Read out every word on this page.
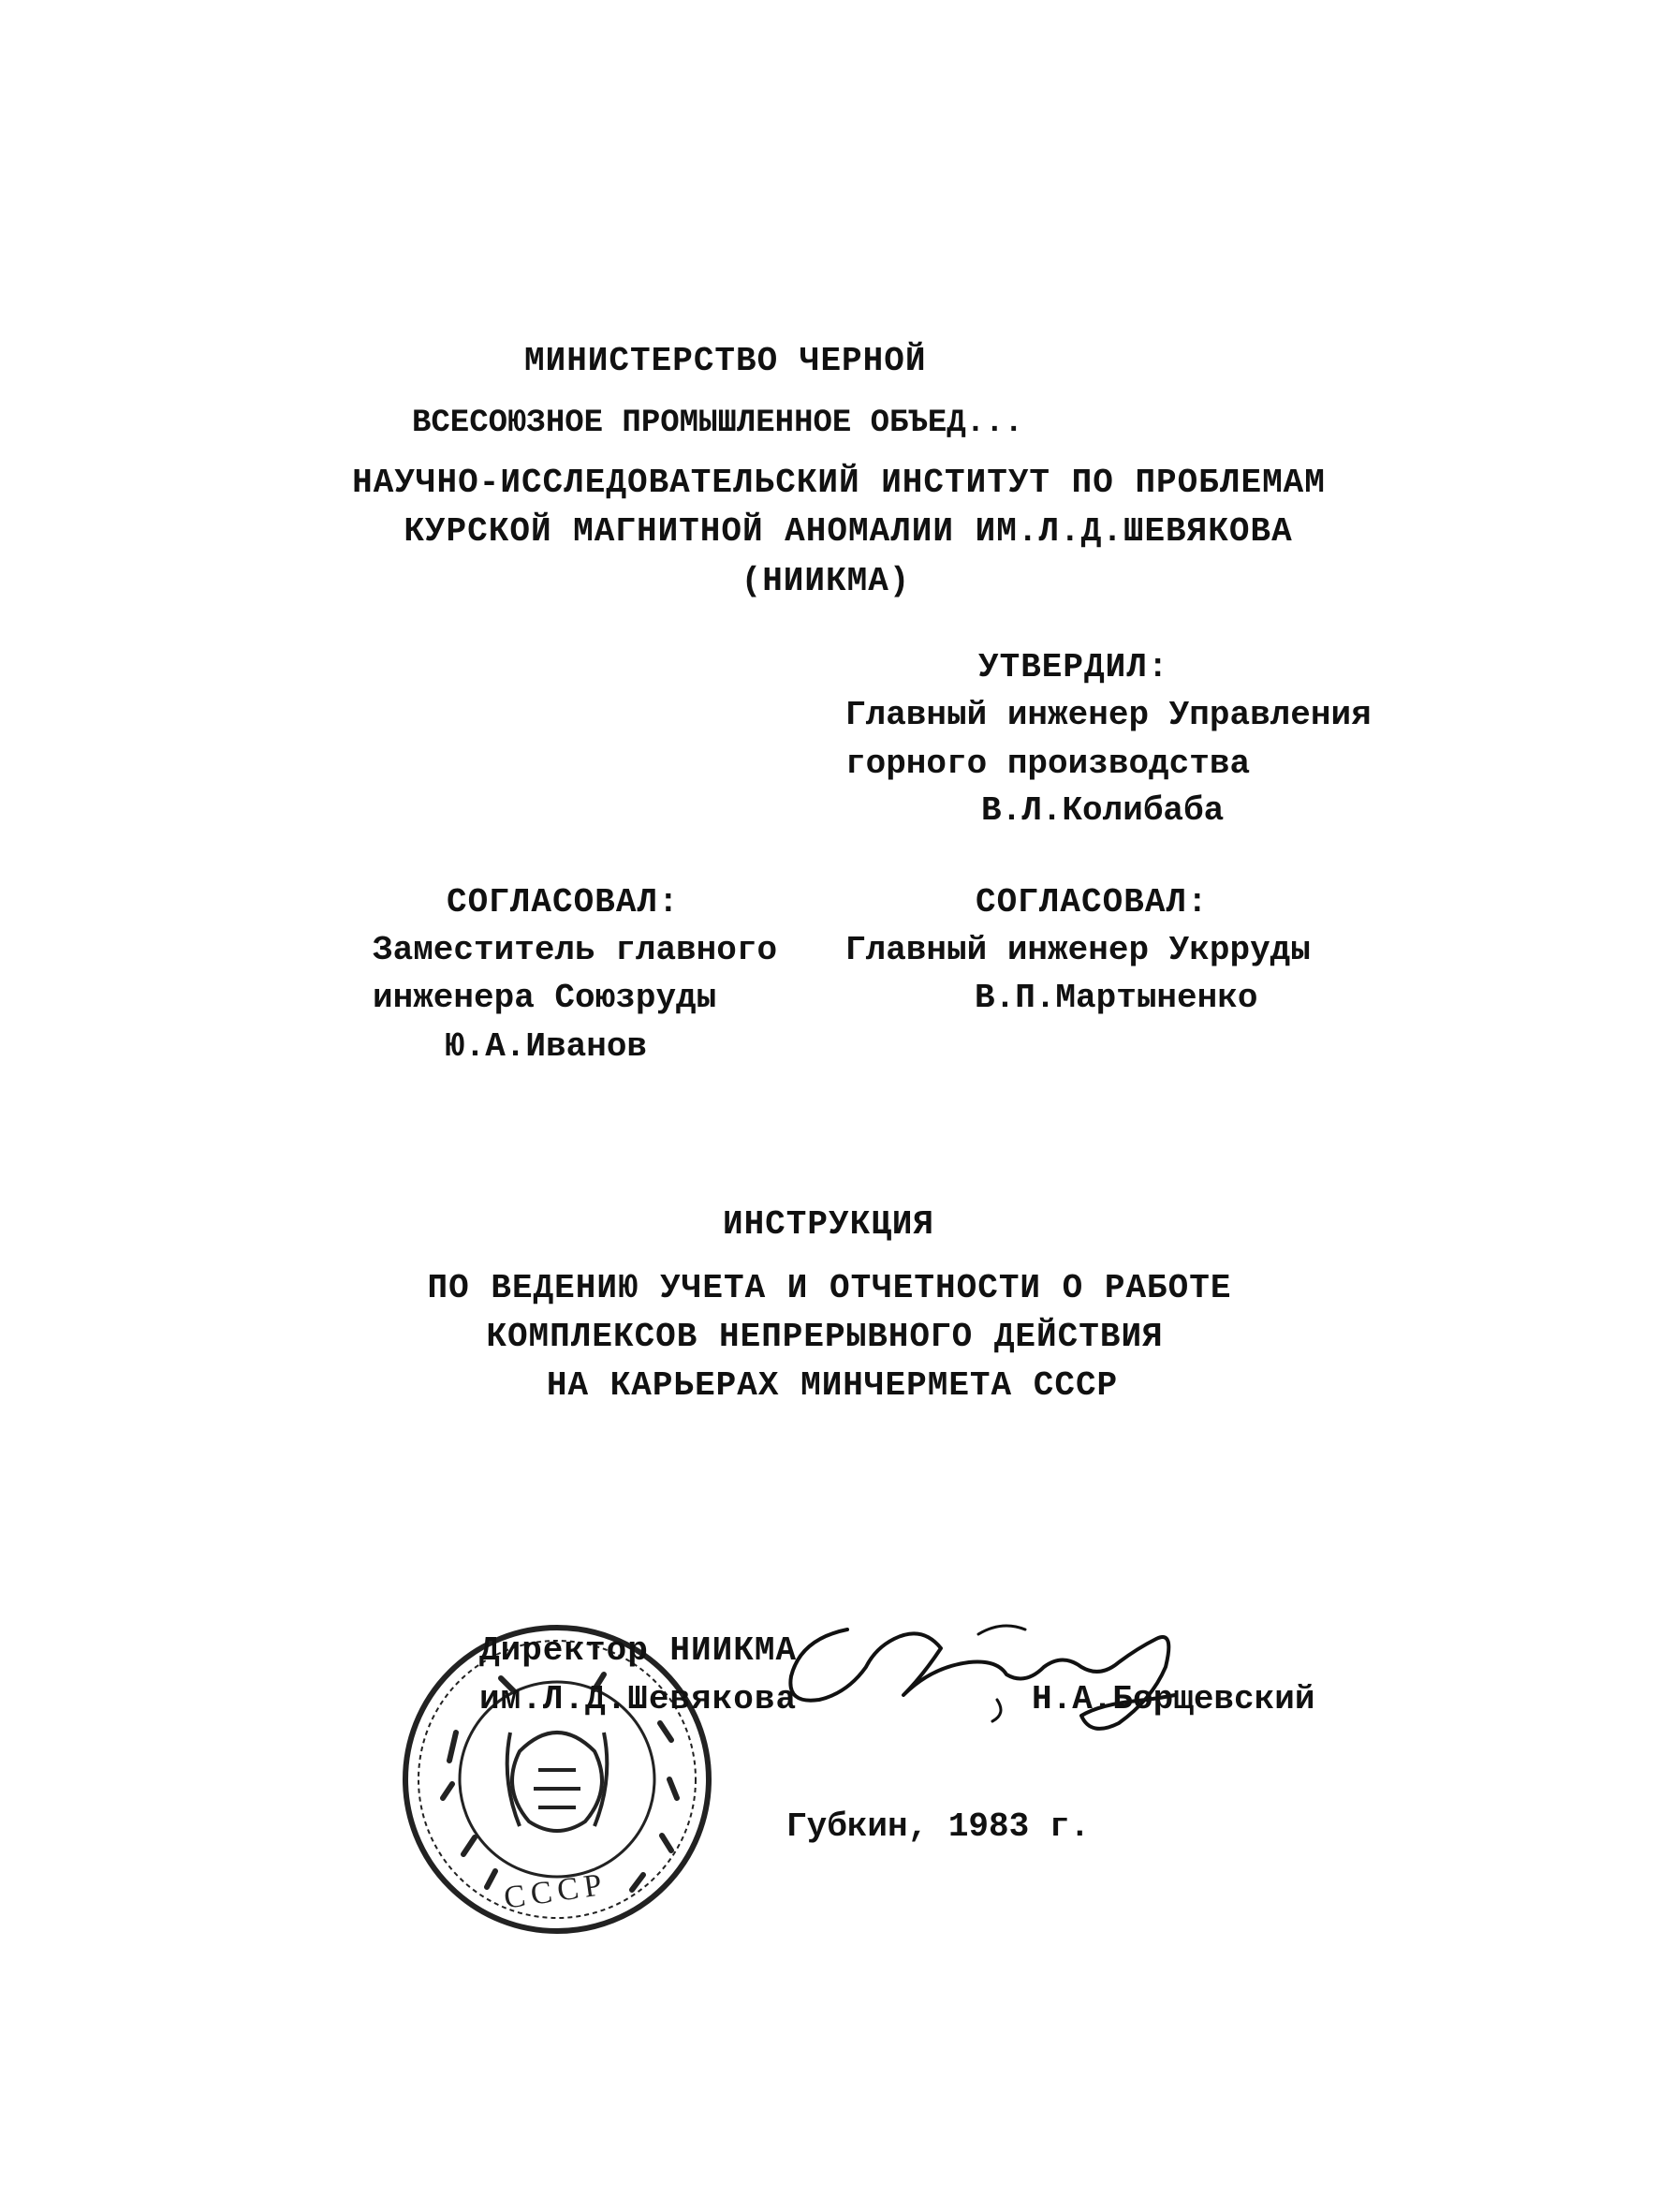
МИНИСТЕРСТВО ЧЕРНОЙ
ВСЕСОЮЗНОЕ ПРОМЫШЛЕННОЕ ОБЪЕД...
НАУЧНО-ИССЛЕДОВАТЕЛЬСКИЙ ИНСТИТУТ ПО ПРОБЛЕМАМ
КУРСКОЙ МАГНИТНОЙ АНОМАЛИИ ИМ.Л.Д.ШЕВЯКОВА
(НИИКМА)
УТВЕРДИЛ:
Главный инженер Управления
горного производства
В.Л.Колибаба
СОГЛАСОВАЛ:
Заместитель главного
инженера Союзруды
Ю.А.Иванов
СОГЛАСОВАЛ:
Главный инженер Укрруды
В.П.Мартыненко
ИНСТРУКЦИЯ
ПО ВЕДЕНИЮ УЧЕТА И ОТЧЕТНОСТИ О РАБОТЕ
КОМПЛЕКСОВ НЕПРЕРЫВНОГО ДЕЙСТВИЯ
НА КАРЬЕРАХ МИНЧЕРМЕТА СССР
СССР
Директор НИИКМА
им.Л.Д.Шевякова	Н.А.Борщевский
Губкин, 1983 г.
